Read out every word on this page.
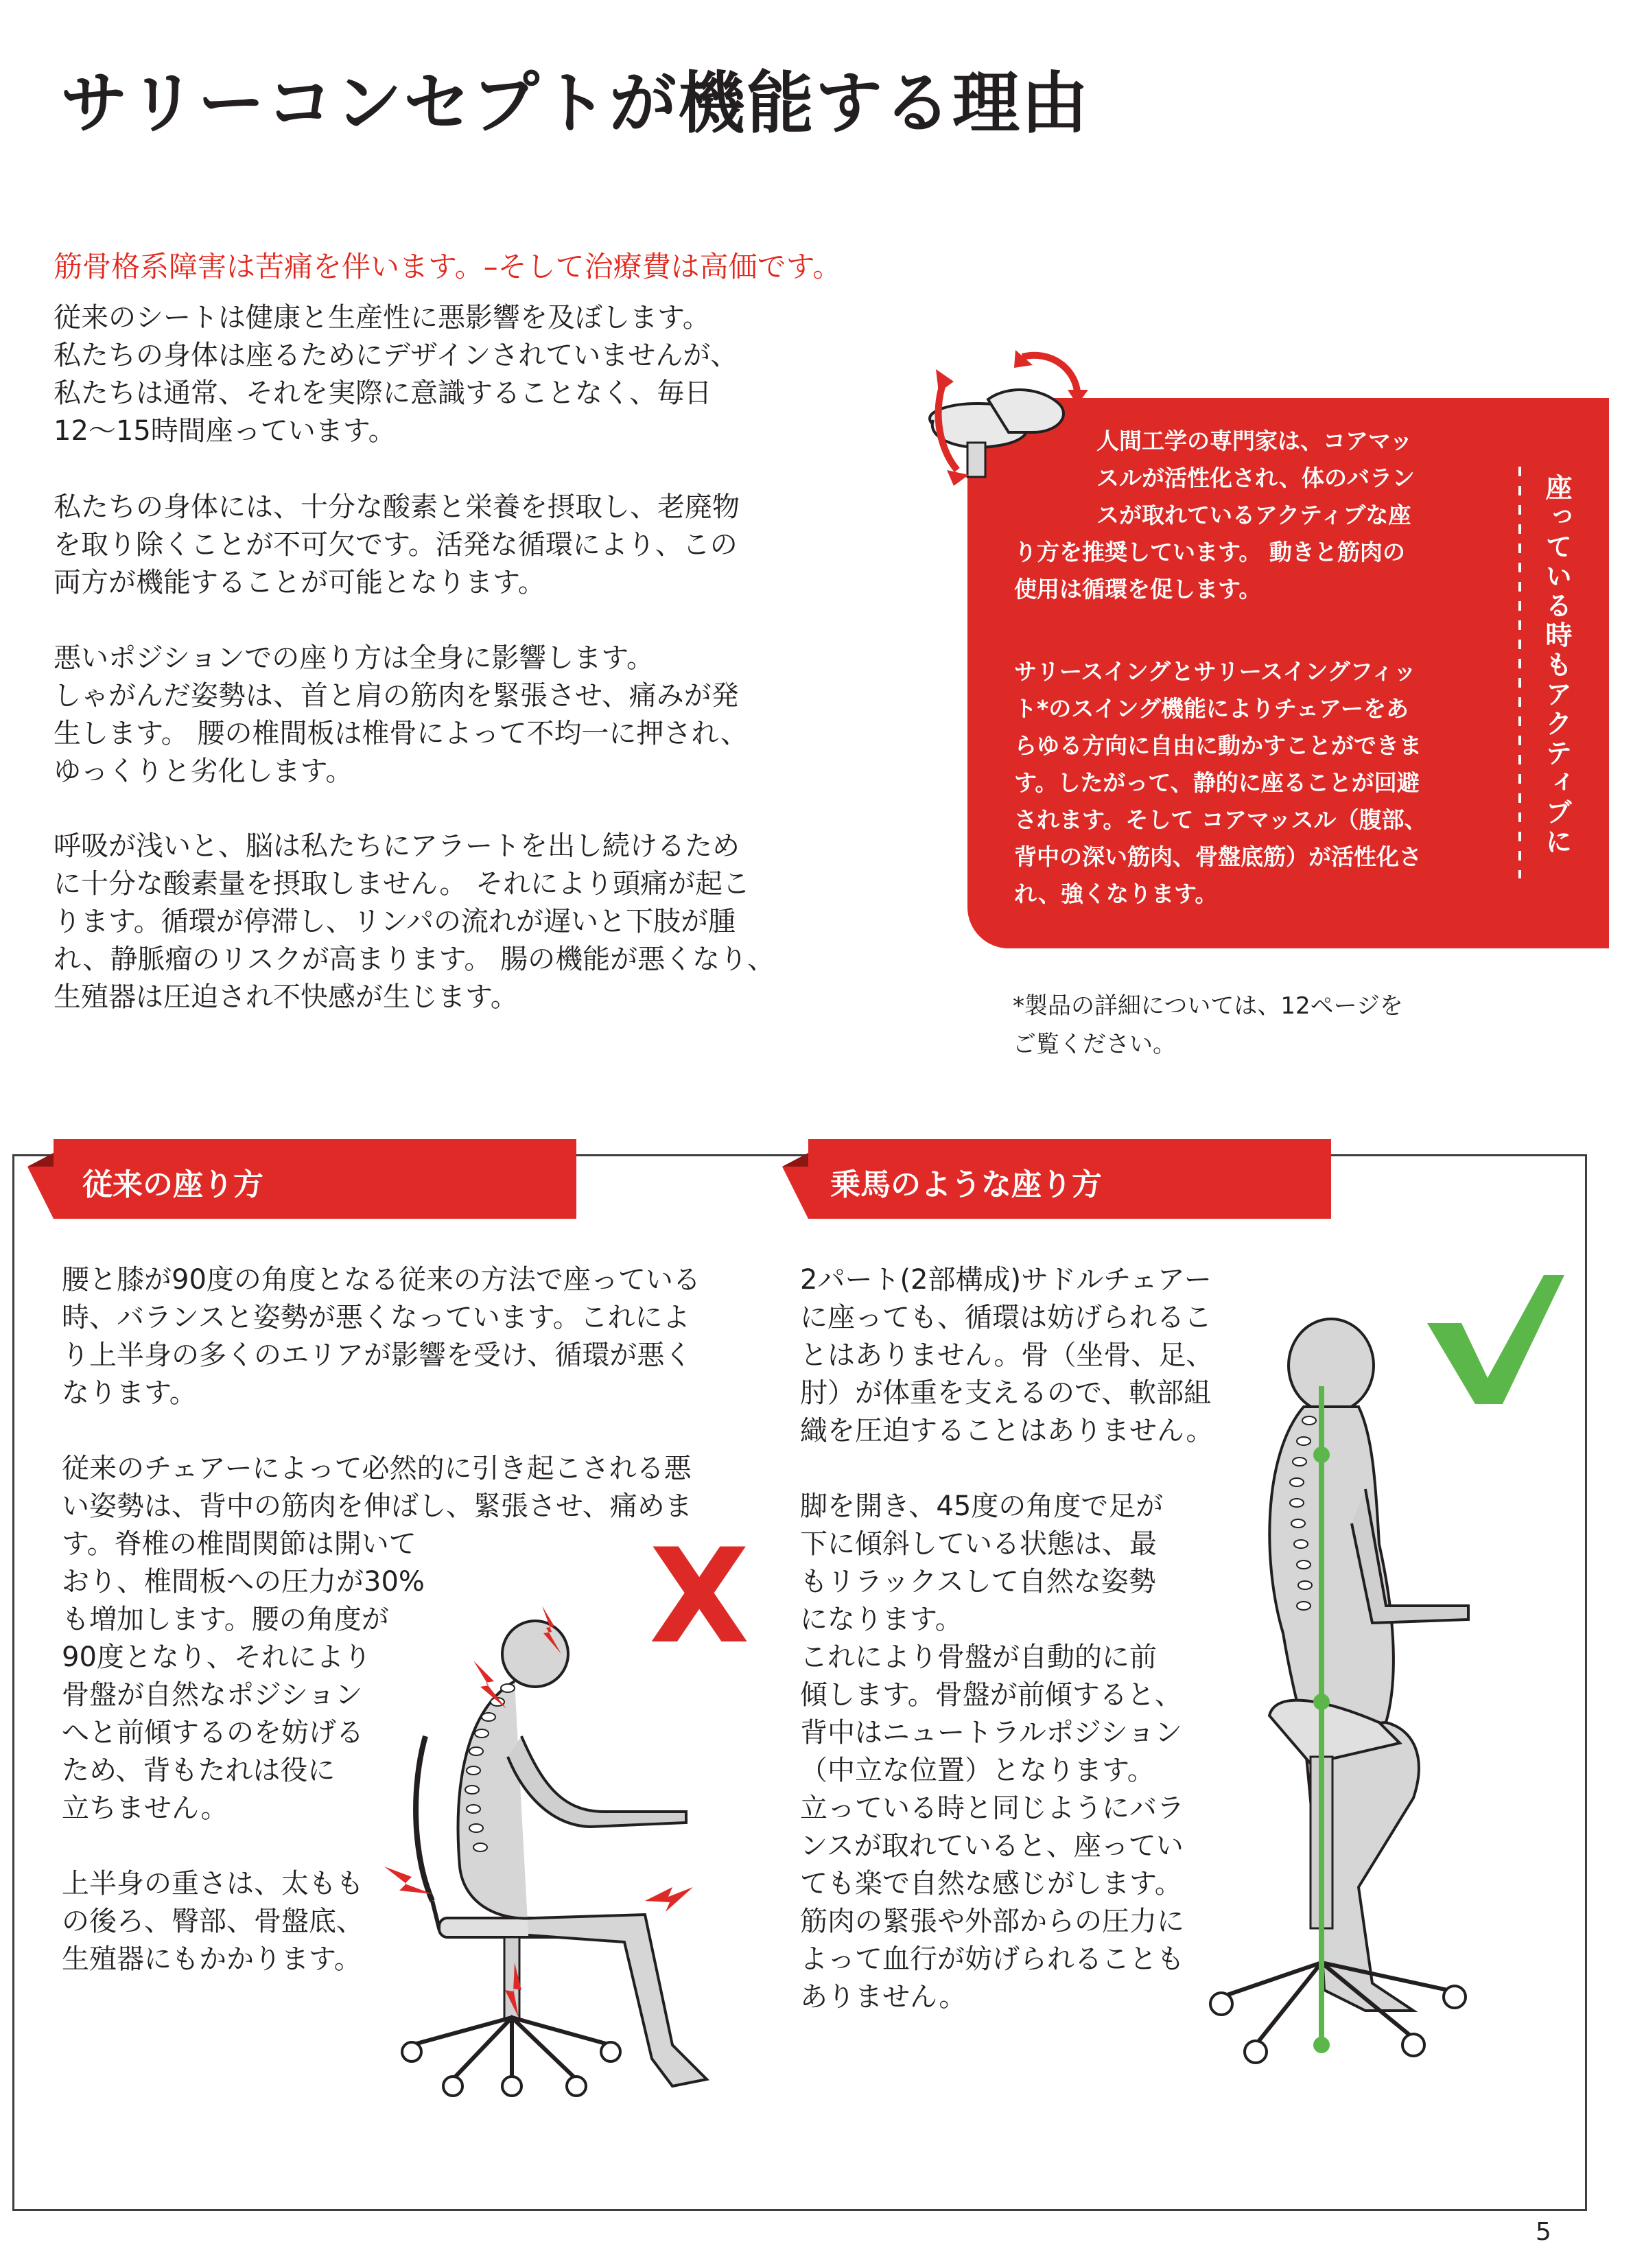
サリーコンセプトが機能する理由
筋骨格系障害は苦痛を伴います。–そして治療費は高価です。
従来のシートは健康と生産性に悪影響を及ぼします。
私たちの身体は座るためにデザインされていませんが、
私たちは通常、それを実際に意識することなく、毎日
12〜15時間座っています。
私たちの身体には、十分な酸素と栄養を摂取し、老廃物
を取り除くことが不可欠です。活発な循環により、この
両方が機能することが可能となります。
悪いポジションでの座り方は全身に影響します。
しゃがんだ姿勢は、首と肩の筋肉を緊張させ、痛みが発
生します。 腰の椎間板は椎骨によって不均一に押され、
ゆっくりと劣化します。
呼吸が浅いと、脳は私たちにアラートを出し続けるため
に十分な酸素量を摂取しません。 それにより頭痛が起こ
ります。循環が停滞し、リンパの流れが遅いと下肢が腫
れ、静脈瘤のリスクが高まります。 腸の機能が悪くなり、
生殖器は圧迫され不快感が生じます。
人間工学の専門家は、コアマッ
スルが活性化され、体のバラン
スが取れているアクティブな座
り方を推奨しています。 動きと筋肉の
使用は循環を促します。
サリースイングとサリースイングフィッ
ト*のスイング機能によりチェアーをあ
らゆる方向に自由に動かすことができま
す。したがって、静的に座ることが回避
されます。そして コアマッスル（腹部、
背中の深い筋肉、骨盤底筋）が活性化さ
れ、強くなります。
座っている時もアクティブに
*製品の詳細については、12ページを
ご覧ください。
従来の座り方	乗馬のような座り方
腰と膝が90度の角度となる従来の方法で座っている
時、バランスと姿勢が悪くなっています。これによ
り上半身の多くのエリアが影響を受け、循環が悪く
なります。

従来のチェアーによって必然的に引き起こされる悪
い姿勢は、背中の筋肉を伸ばし、緊張させ、痛めま
す。脊椎の椎間関節は開いて
おり、椎間板への圧力が30%
も増加します。腰の角度が
90度となり、それにより
骨盤が自然なポジション
へと前傾するのを妨げる
ため、背もたれは役に
立ちません。

上半身の重さは、太もも
の後ろ、臀部、骨盤底、
生殖器にもかかります。
X
2パート(2部構成)サドルチェアー
に座っても、循環は妨げられるこ
とはありません。骨（坐骨、足、
肘）が体重を支えるので、軟部組
織を圧迫することはありません。

脚を開き、45度の角度で足が
下に傾斜している状態は、最
もリラックスして自然な姿勢
になります。
これにより骨盤が自動的に前
傾します。骨盤が前傾すると、
背中はニュートラルポジション
（中立な位置）となります。
立っている時と同じようにバラ
ンスが取れていると、座ってい
ても楽で自然な感じがします。
筋肉の緊張や外部からの圧力に
よって血行が妨げられることも
ありません。
5
